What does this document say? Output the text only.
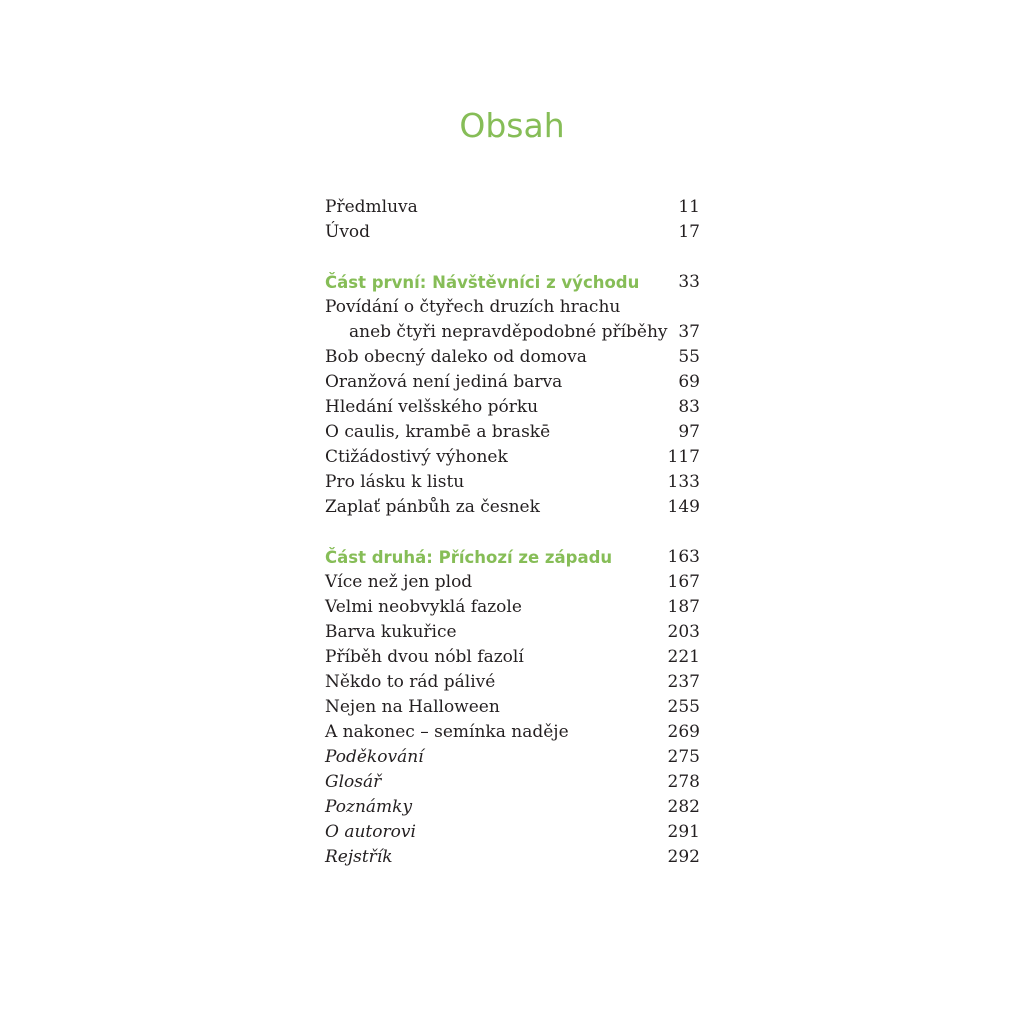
Obsah
Předmluva	11
Úvod	17
Část první: Návštěvníci z východu 33
Povídání o čtyřech druzích hrachu
aneb čtyři nepravděpodobné příběhy 37
Bob obecný daleko od domova	55
Oranžová není jediná barva	69
Hledání velšského pórku	83
O caulis, krambē a braskē	97
Ctižádostivý výhonek	117
Pro lásku k listu	133
Zaplať pánbůh za česnek	149
Část druhá: Příchozí ze západu	163
Více než jen plod	167
Velmi neobvyklá fazole	187
Barva kukuřice	203
Příběh dvou nóbl fazolí	221
Někdo to rád pálivé	237
Nejen na Halloween	255
A nakonec – semínka naděje	269
Poděkování	275
Glosář	278
Poznámky	282
O autorovi	291
Rejstřík	292
